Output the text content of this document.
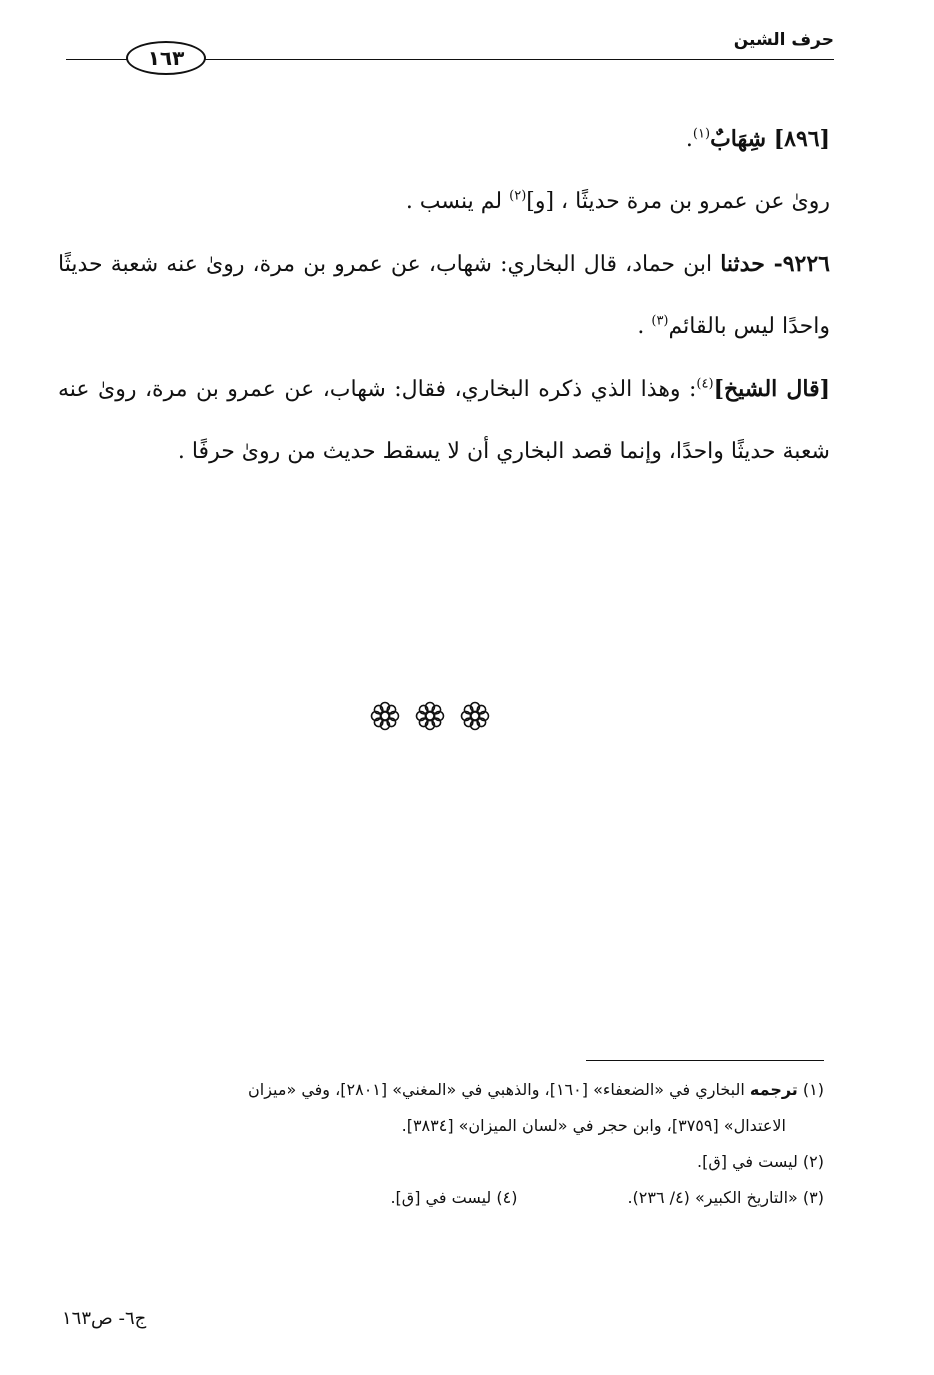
حرف الشين
١٦٣

[٨٩٦] شِهَابٌ$^{(١)}$.

روىٰ عن عمرو بن مرة حديثًا ، [و]$^{(٢)}$ لم ينسب .

٩٢٢٦- حدثنا ابن حماد، قال البخاري: شهاب، عن عمرو بن مرة، روىٰ عنه شعبة حديثًا واحدًا ليس بالقائم$^{(٣)}$ .

[قال الشيخ]$^{(٤)}$: وهذا الذي ذكره البخاري، فقال: شهاب، عن عمرو بن مرة، روىٰ عنه شعبة حديثًا واحدًا، وإنما قصد البخاري أن لا يسقط حديث من روىٰ حرفًا .

(١) ترجمه البخاري في «الضعفاء» [١٦٠]، والذهبي في «المغني» [٢٨٠١]، وفي «ميزان

الاعتدال» [٣٧٥٩]، وابن حجر في «لسان الميزان» [٣٨٣٤].

(٢) ليست في [ق].

(٣) «التاريخ الكبير» (٤/ ٢٣٦).
(٤) ليست في [ق].
ج٦- ص١٦٣
